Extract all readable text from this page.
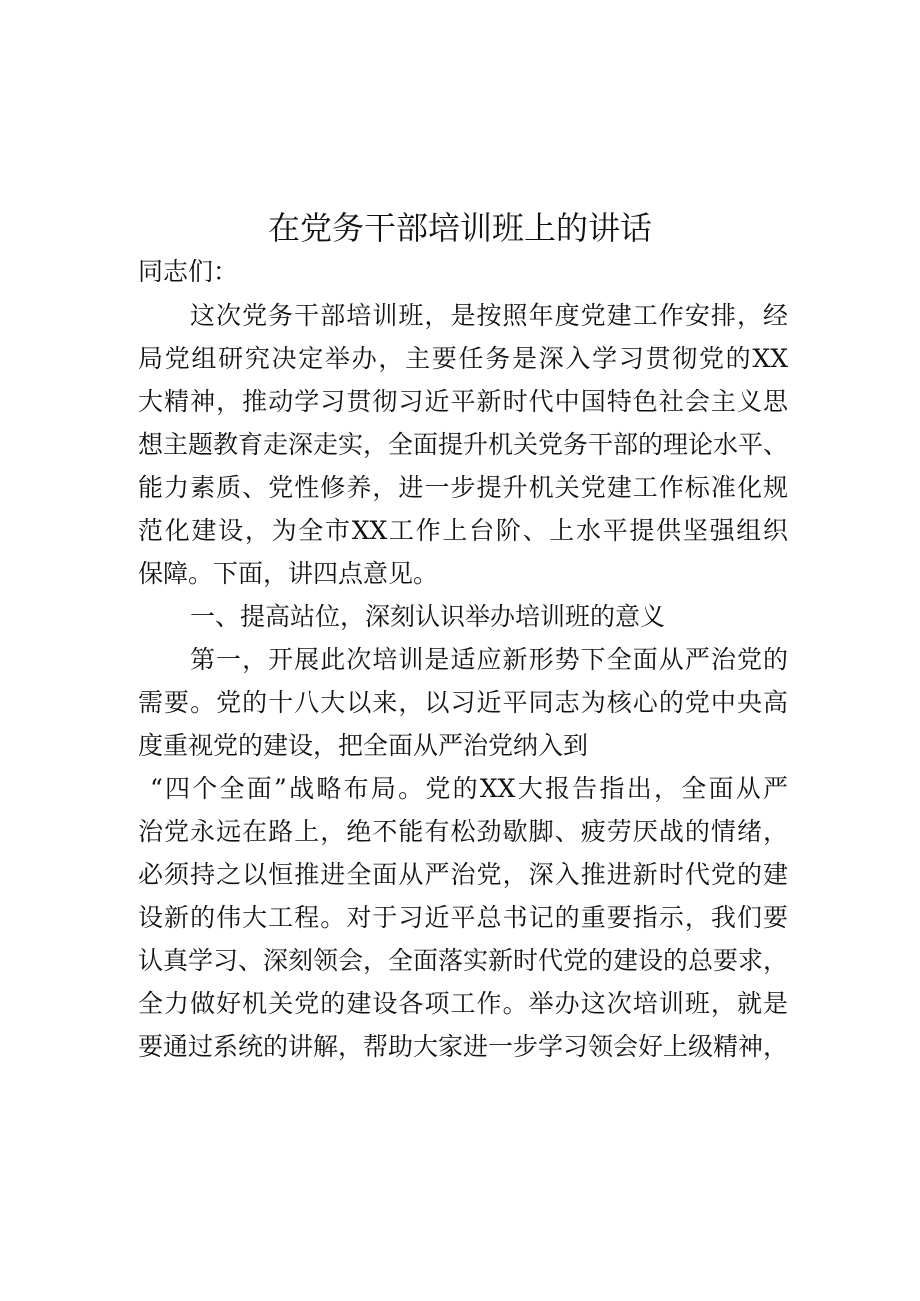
在党务干部培训班上的讲话
同志们：
这次党务干部培训班，是按照年度党建工作安排，经
局党组研究决定举办，主要任务是深入学习贯彻党的XX
大精神，推动学习贯彻习近平新时代中国特色社会主义思
想主题教育走深走实，全面提升机关党务干部的理论水平、
能力素质、党性修养，进一步提升机关党建工作标准化规
范化建设，为全市XX工作上台阶、上水平提供坚强组织
保障。下面，讲四点意见。
一、提高站位，深刻认识举办培训班的意义
第一，开展此次培训是适应新形势下全面从严治党的
需要。党的十八大以来，以习近平同志为核心的党中央高
度重视党的建设，把全面从严治党纳入到
“四个全面”战略布局。党的XX大报告指出，全面从严
治党永远在路上，绝不能有松劲歇脚、疲劳厌战的情绪，
必须持之以恒推进全面从严治党，深入推进新时代党的建
设新的伟大工程。对于习近平总书记的重要指示，我们要
认真学习、深刻领会，全面落实新时代党的建设的总要求，
全力做好机关党的建设各项工作。举办这次培训班，就是
要通过系统的讲解，帮助大家进一步学习领会好上级精神，
